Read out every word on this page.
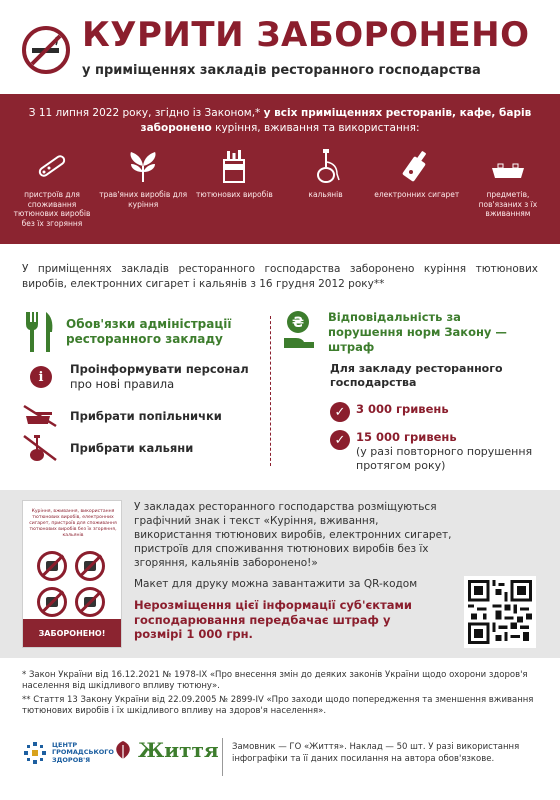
КУРИТИ ЗАБОРОНЕНО
у приміщеннях закладів ресторанного господарства
З 11 липня 2022 року, згідно із Законом,* у всіх приміщеннях ресторанів, кафе, барів заборонено куріння, вживання та використання:
пристроїв для споживання тютюнових виробів без їх згоряння
трав'яних виробів для куріння
тютюнових виробів	кальянів	електронних сигарет	предметів, пов'язаних з їх вживанням
У приміщеннях закладів ресторанного господарства заборонено куріння тютюнових виробів, електронних сигарет і кальянів з 16 грудня 2012 року**
Обов'язки адміністрації ресторанного закладу
i
Проінформувати персонал про нові правила
Прибрати попільнички
Прибрати кальяни
₴ Відповідальність за порушення норм Закону — штраф
Для закладу ресторанного господарства
✓ 3 000 гривень
✓ 15 000 гривень
(у разі повторного порушення протягом року)
Куріння, вживання, використання тютюнових виробів, електронних сигарет, пристроїв для споживання тютюнових виробів без їх згоряння, кальянів
ЗАБОРОНЕНО!
У закладах ресторанного господарства розміщуються графічний знак і текст «Куріння, вживання, використання тютюнових виробів, електронних сигарет, пристроїв для споживання тютюнових виробів без їх згоряння, кальянів заборонено!»
Макет для друку можна завантажити за QR-кодом
Нерозміщення цієї інформації суб'єктами господарювання передбачає штраф у розмірі 1 000 грн.

* Закон України від 16.12.2021 № 1978-IX «Про внесення змін до деяких законів України щодо охорони здоров'я населення від шкідливого впливу тютюну».

** Стаття 13 Закону України від 22.09.2005 № 2899-IV «Про заходи щодо попередження та зменшення вживання тютюнових виробів і їх шкідливого впливу на здоров'я населення».

ЦЕНТР ГРОМАДСЬКОГО ЗДОРОВ'Я Життя Замовник — ГО «Життя». Наклад — 50 шт. У разі використання інфографіки та її даних посилання на автора обов'язкове.
